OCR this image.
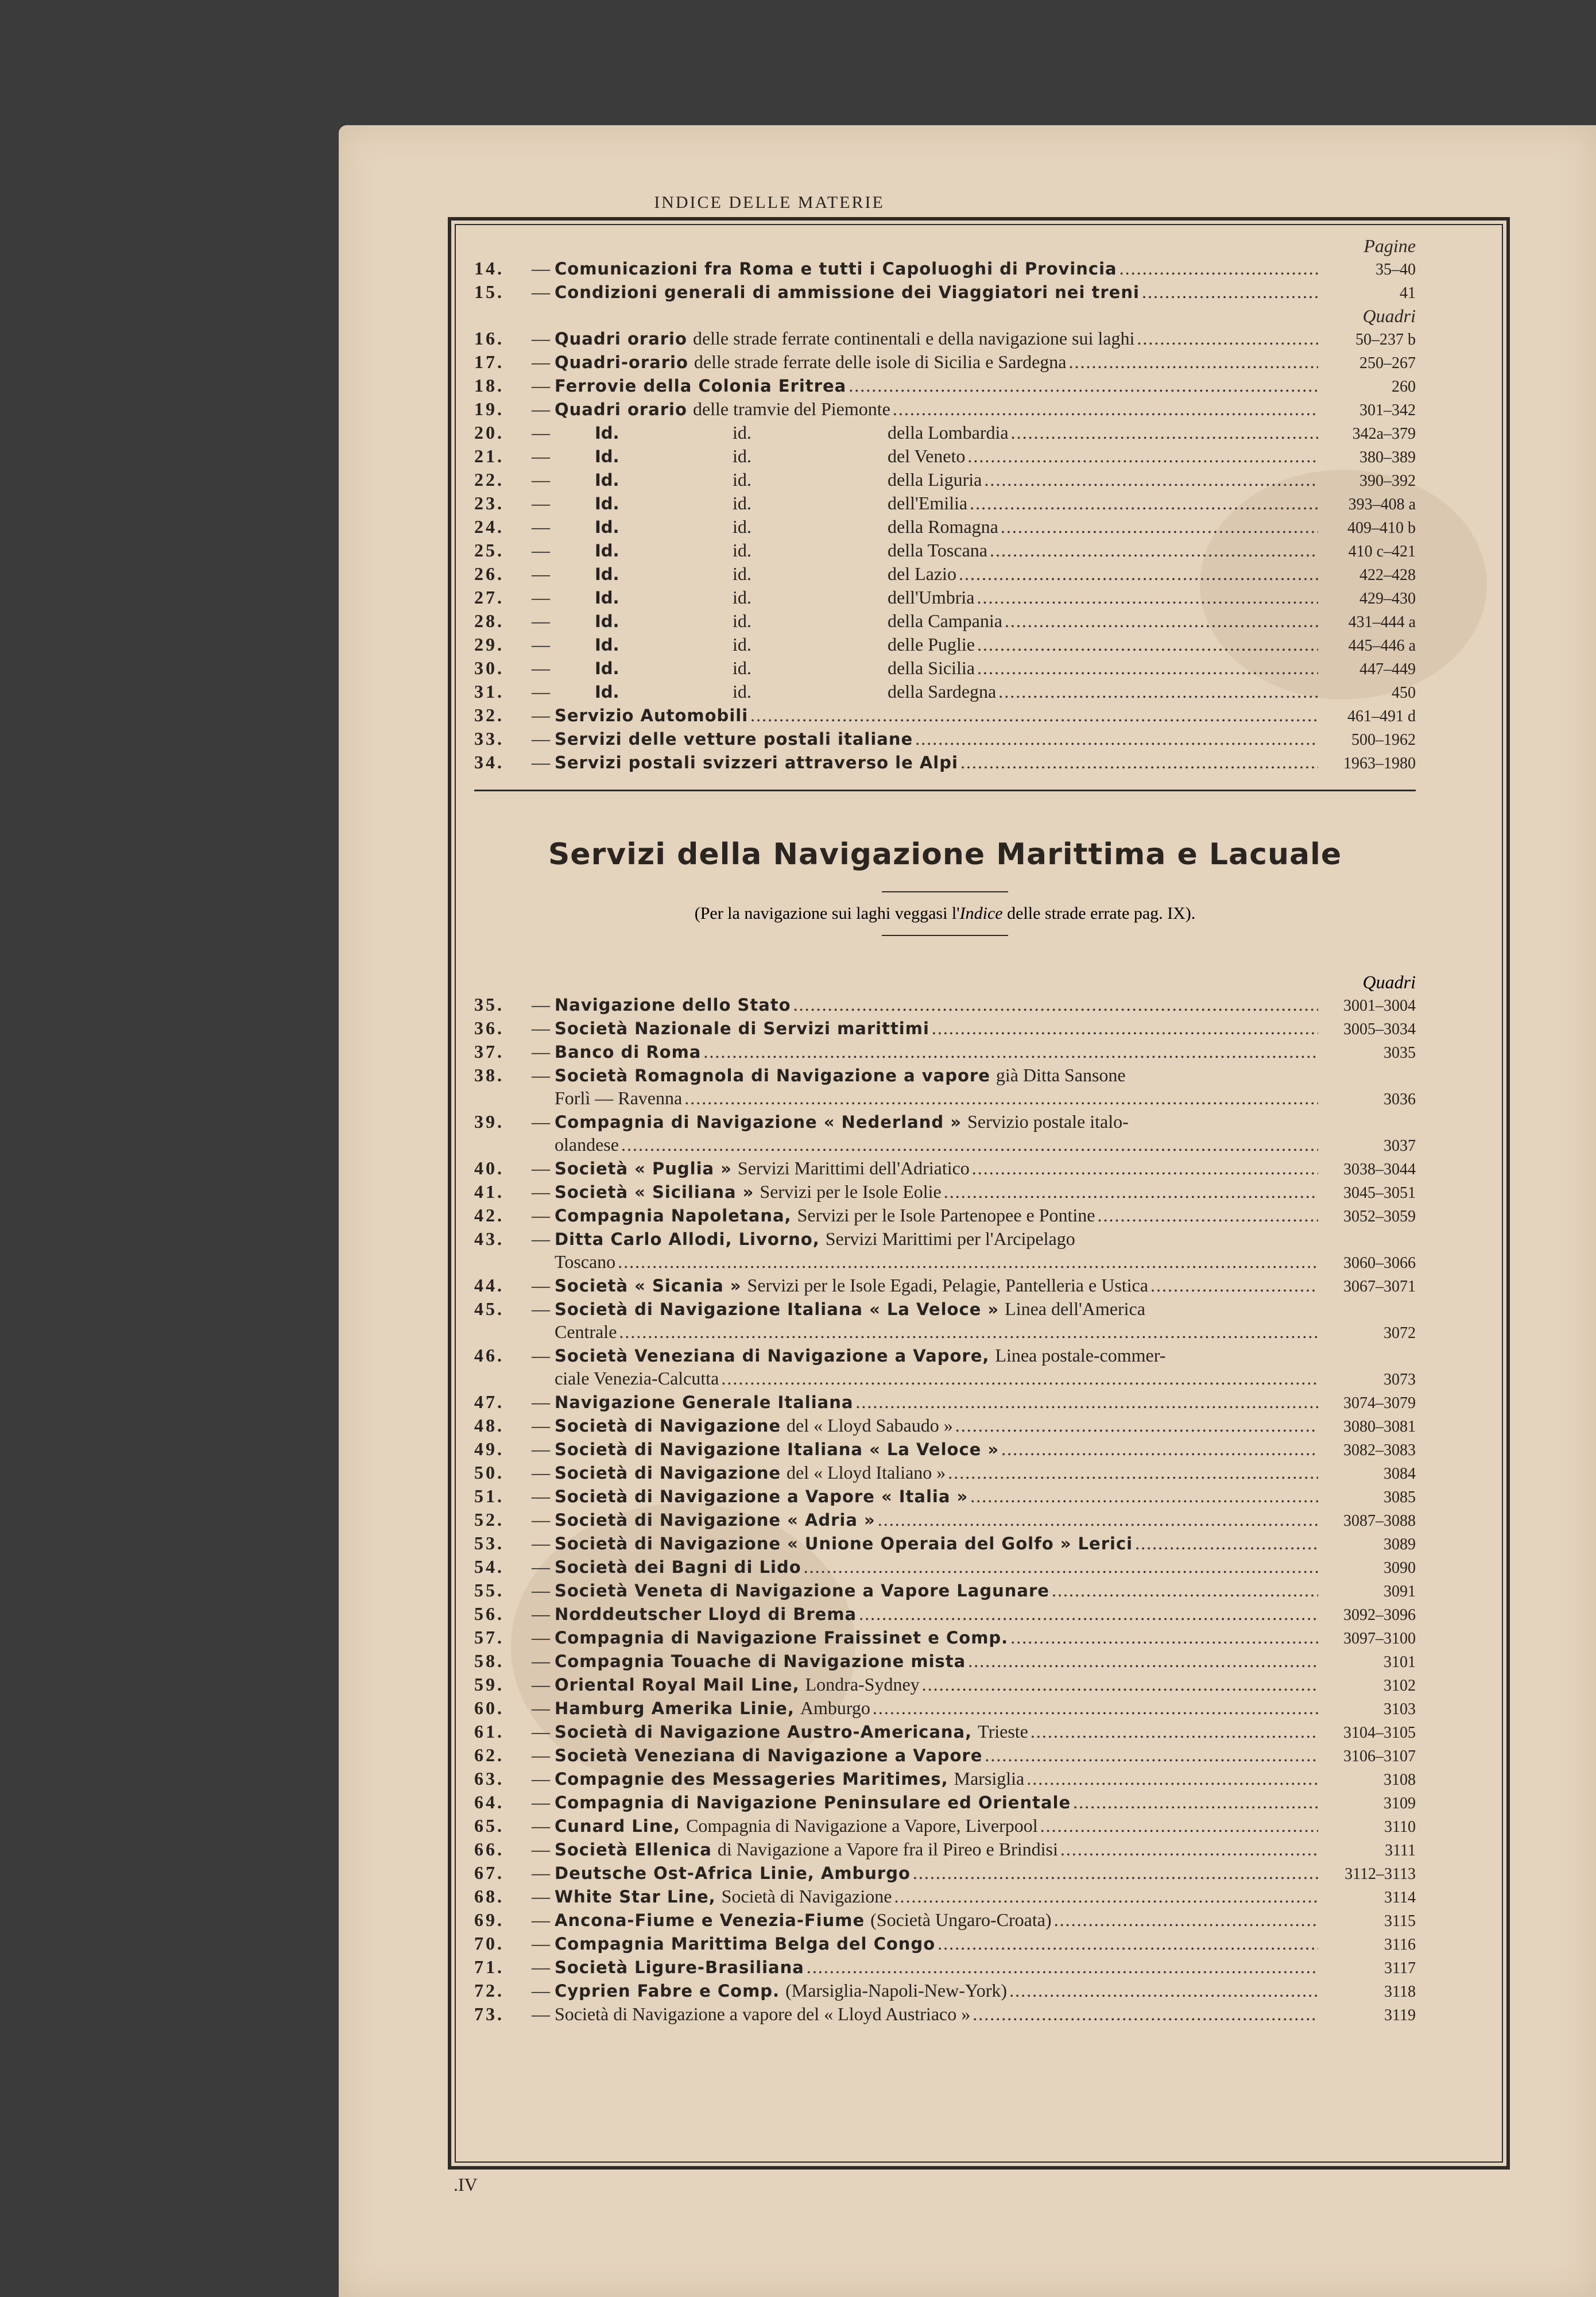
INDICE DELLE MATERIE
Pagine
14.	— Comunicazioni fra Roma e tutti i Capoluoghi di Provincia .....	35–40
15.	— Condizioni generali di ammissione dei Viaggiatori nei treni .....	41
Quadri
16.	— Quadri orario delle strade ferrate continentali e della navigazione sui laghi .....	50–237 b
17.	— Quadri-orario delle strade ferrate delle isole di Sicilia e Sardegna .....	250–267
18.	— Ferrovie della Colonia Eritrea .....	260
19.	— Quadri orario delle tramvie del Piemonte .....	301–342
20.	—	Id.	id.	della Lombardia .....	342a–379
21.	—	Id.	id.	del Veneto .....	380–389
22.	—	Id.	id.	della Liguria .....	390–392
23.	—	Id.	id.	dell'Emilia .....	393–408 a
24.	—	Id.	id.	della Romagna .....	409–410 b
25.	—	Id.	id.	della Toscana .....	410 c–421
26.	—	Id.	id.	del Lazio .....	422–428
27.	—	Id.	id.	dell'Umbria .....	429–430
28.	—	Id.	id.	della Campania .....	431–444 a
29.	—	Id.	id.	delle Puglie .....	445–446 a
30.	—	Id.	id.	della Sicilia .....	447–449
31.	—	Id.	id.	della Sardegna .....	450
32.	— Servizio Automobili .....	461–491 d
33.	— Servizi delle vetture postali italiane .....	500–1962
34.	— Servizi postali svizzeri attraverso le Alpi .....	1963–1980
Servizi della Navigazione Marittima e Lacuale
(Per la navigazione sui laghi veggasi l'Indice delle strade errate pag. IX).
Quadri
35.	— Navigazione dello Stato .....	3001–3004
36.	— Società Nazionale di Servizi marittimi .....	3005–3034
37.	— Banco di Roma .....	3035
38.	— Società Romagnola di Navigazione a vapore già Ditta Sansone
Forlì — Ravenna .....	3036
39.	— Compagnia di Navigazione « Nederland » Servizio postale italo-
olandese .....	3037
40.	— Società « Puglia » Servizi Marittimi dell'Adriatico .....	3038–3044
41.	— Società « Siciliana » Servizi per le Isole Eolie .....	3045–3051
42.	— Compagnia Napoletana, Servizi per le Isole Partenopee e Pontine .....	3052–3059
43.	— Ditta Carlo Allodi, Livorno, Servizi Marittimi per l'Arcipelago
Toscano .....	3060–3066
44.	— Società « Sicania » Servizi per le Isole Egadi, Pelagie, Pantelleria e Ustica .....	3067–3071
45.	— Società di Navigazione Italiana « La Veloce » Linea dell'America
Centrale .....	3072
46.	— Società Veneziana di Navigazione a Vapore, Linea postale-commer-
ciale Venezia-Calcutta .....	3073
47.	— Navigazione Generale Italiana .....	3074–3079
48.	— Società di Navigazione del « Lloyd Sabaudo » .....	3080–3081
49.	— Società di Navigazione Italiana « La Veloce » .....	3082–3083
50.	— Società di Navigazione del « Lloyd Italiano » .....	3084
51.	— Società di Navigazione a Vapore « Italia » .....	3085
52.	— Società di Navigazione « Adria » .....	3087–3088
53.	— Società di Navigazione « Unione Operaia del Golfo » Lerici .....	3089
54.	— Società dei Bagni di Lido .....	3090
55.	— Società Veneta di Navigazione a Vapore Lagunare .....	3091
56.	— Norddeutscher Lloyd di Brema .....	3092–3096
57.	— Compagnia di Navigazione Fraissinet e Comp. .....	3097–3100
58.	— Compagnia Touache di Navigazione mista .....	3101
59.	— Oriental Royal Mail Line, Londra-Sydney .....	3102
60.	— Hamburg Amerika Linie, Amburgo .....	3103
61.	— Società di Navigazione Austro-Americana, Trieste .....	3104–3105
62.	— Società Veneziana di Navigazione a Vapore .....	3106–3107
63.	— Compagnie des Messageries Maritimes, Marsiglia .....	3108
64.	— Compagnia di Navigazione Peninsulare ed Orientale .....	3109
65.	— Cunard Line, Compagnia di Navigazione a Vapore, Liverpool .....	3110
66.	— Società Ellenica di Navigazione a Vapore fra il Pireo e Brindisi .....	3111
67.	— Deutsche Ost-Africa Linie, Amburgo .....	3112–3113
68.	— White Star Line, Società di Navigazione .....	3114
69.	— Ancona-Fiume e Venezia-Fiume (Società Ungaro-Croata) .....	3115
70.	— Compagnia Marittima Belga del Congo .....	3116
71.	— Società Ligure-Brasiliana .....	3117
72.	— Cyprien Fabre e Comp. (Marsiglia-Napoli-New-York) .....	3118
73.	— Società di Navigazione a vapore del « Lloyd Austriaco » .....	3119
.IV
